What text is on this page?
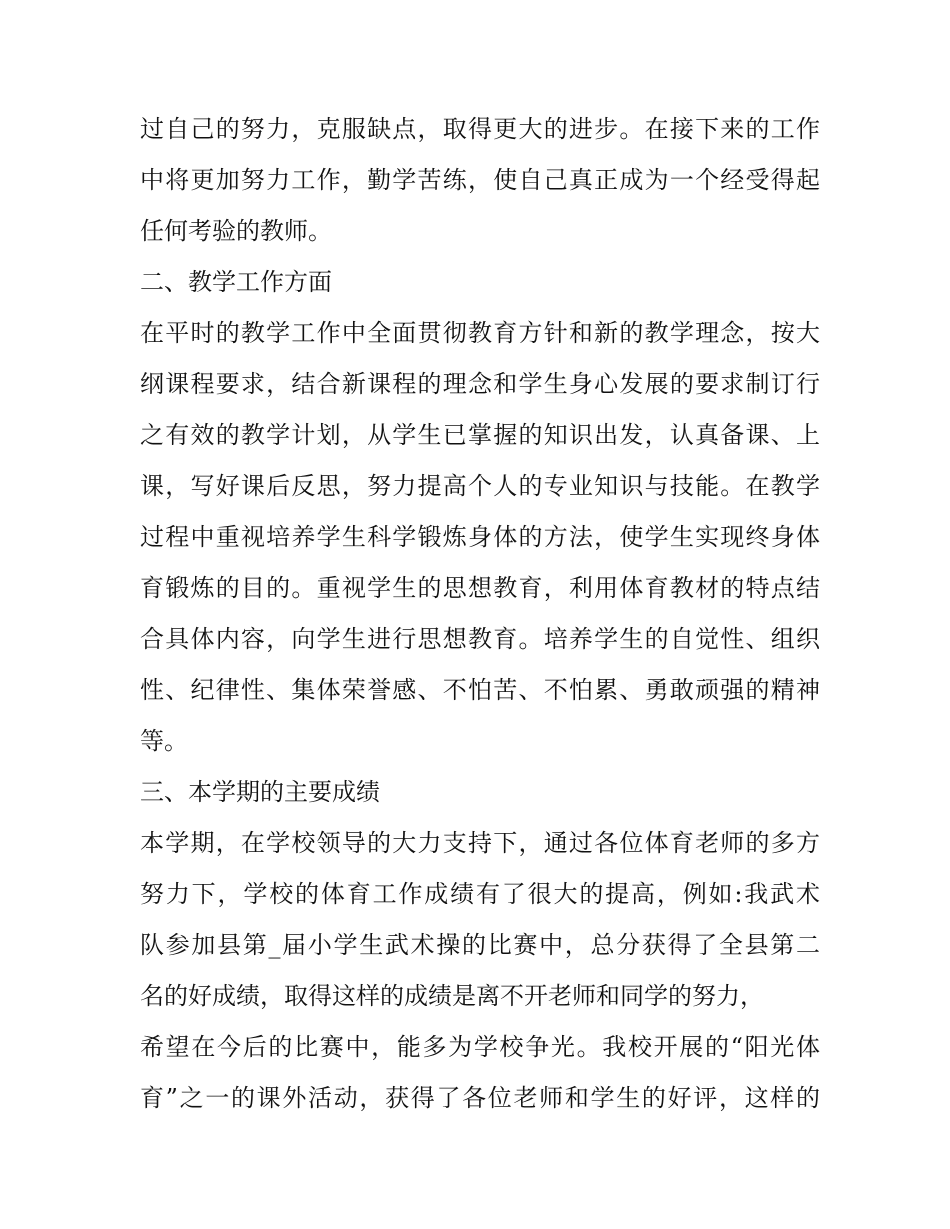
过自己的努力，克服缺点，取得更大的进步。在接下来的工作
中将更加努力工作，勤学苦练，使自己真正成为一个经受得起
任何考验的教师。
二、教学工作方面
在平时的教学工作中全面贯彻教育方针和新的教学理念，按大
纲课程要求，结合新课程的理念和学生身心发展的要求制订行
之有效的教学计划，从学生已掌握的知识出发，认真备课、上
课，写好课后反思，努力提高个人的专业知识与技能。在教学
过程中重视培养学生科学锻炼身体的方法，使学生实现终身体
育锻炼的目的。重视学生的思想教育，利用体育教材的特点结
合具体内容，向学生进行思想教育。培养学生的自觉性、组织
性、纪律性、集体荣誉感、不怕苦、不怕累、勇敢顽强的精神
等。
三、本学期的主要成绩
本学期，在学校领导的大力支持下，通过各位体育老师的多方
努力下，学校的体育工作成绩有了很大的提高，例如:我武术
队参加县第_届小学生武术操的比赛中，总分获得了全县第二
名的好成绩，取得这样的成绩是离不开老师和同学的努力，
希望在今后的比赛中，能多为学校争光。我校开展的“阳光体
育”之一的课外活动，获得了各位老师和学生的好评，这样的
